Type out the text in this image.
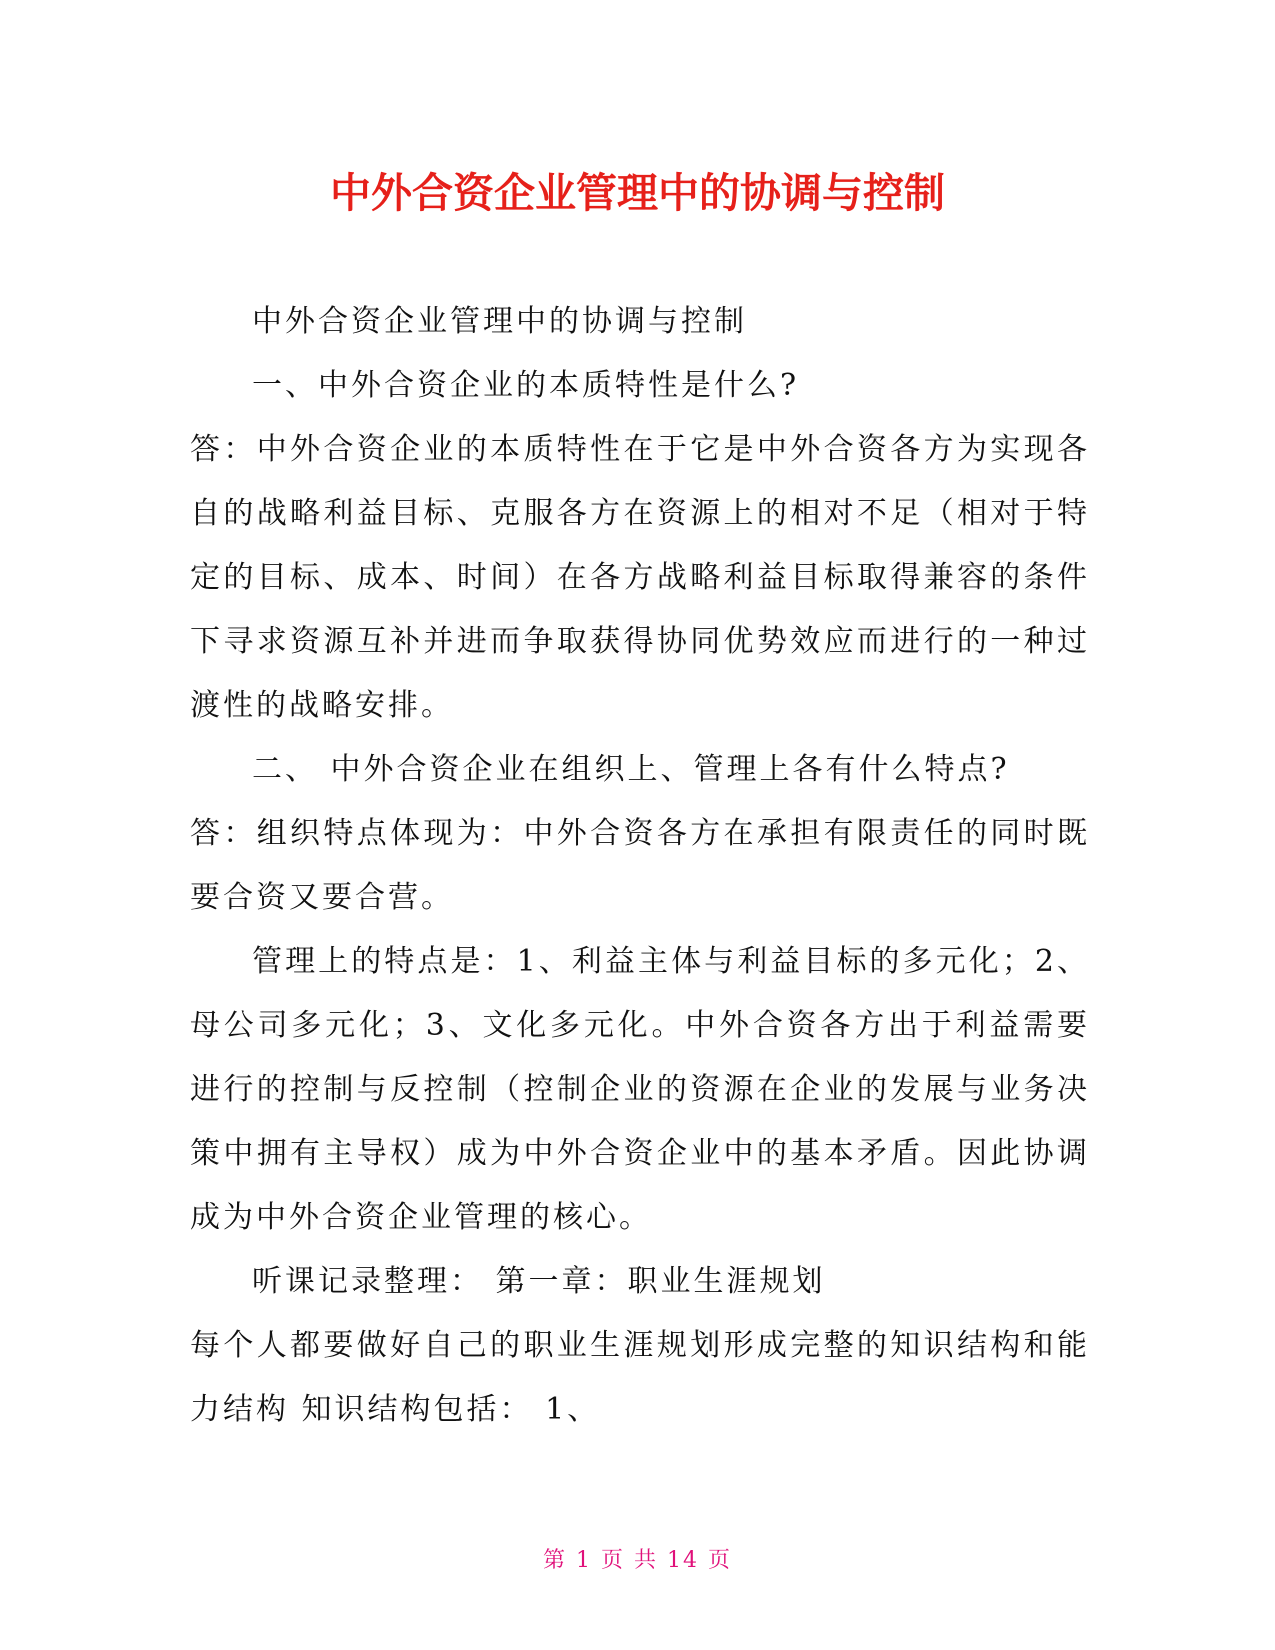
中外合资企业管理中的协调与控制

中外合资企业管理中的协调与控制

一、中外合资企业的本质特性是什么?

答：中外合资企业的本质特性在于它是中外合资各方为实现各自的战略利益目标、克服各方在资源上的相对不足（相对于特定的目标、成本、时间）在各方战略利益目标取得兼容的条件下寻求资源互补并进而争取获得协同优势效应而进行的一种过渡性的战略安排。

二、 中外合资企业在组织上、管理上各有什么特点?

答：组织特点体现为：中外合资各方在承担有限责任的同时既要合资又要合营。

管理上的特点是：1、利益主体与利益目标的多元化；2、母公司多元化；3、文化多元化。中外合资各方出于利益需要进行的控制与反控制（控制企业的资源在企业的发展与业务决策中拥有主导权）成为中外合资企业中的基本矛盾。因此协调成为中外合资企业管理的核心。

听课记录整理： 第一章：职业生涯规划

每个人都要做好自己的职业生涯规划形成完整的知识结构和能力结构 知识结构包括： 1、

第 1 页 共 14 页
